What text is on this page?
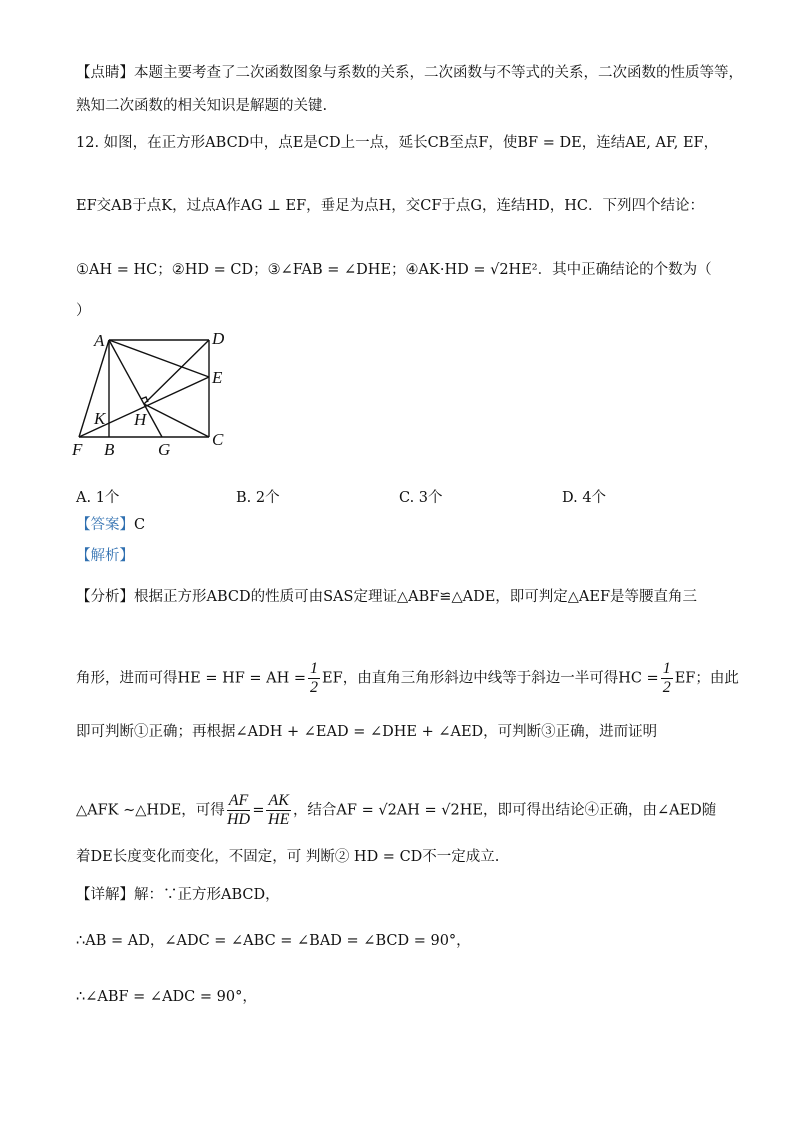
【点睛】本题主要考查了二次函数图象与系数的关系，二次函数与不等式的关系，二次函数的性质等等，
熟知二次函数的相关知识是解题的关键.
12. 如图，在正方形ABCD中，点E是CD上一点，延长CB至点F，使BF = DE，连结AE, AF, EF，
EF交AB于点K，过点A作AG ⊥ EF，垂足为点H，交CF于点G，连结HD，HC．下列四个结论：
①AH = HC；②HD = CD；③∠FAB = ∠DHE；④AK·HD = √2HE²．其中正确结论的个数为（
）
A	D
E
K H
F B	G
C
A. 1个	B. 2个	C. 3个	D. 4个
【答案】C
【解析】
【分析】根据正方形ABCD的性质可由SAS定理证△ABF≌△ADE，即可判定△AEF是等腰直角三
角形，进而可得HE = HF = AH = $\frac{1}{2}$ EF，由直角三角形斜边中线等于斜边一半可得HC = $\frac{1}{2}$ EF；由此
即可判断①正确；再根据∠ADH + ∠EAD = ∠DHE + ∠AED，可判断③正确，进而证明
△AFK ∼△HDE，可得 $\frac{AF}{HD} = \frac{AK}{HE}$ ，结合AF = √2AH = √2HE，即可得出结论④正确，由∠AED随
着DE长度变化而变化，不固定，可 判断② HD = CD不一定成立.
【详解】解：∵正方形ABCD，
∴AB = AD，∠ADC = ∠ABC = ∠BAD = ∠BCD = 90°，
∴∠ABF = ∠ADC = 90°，
